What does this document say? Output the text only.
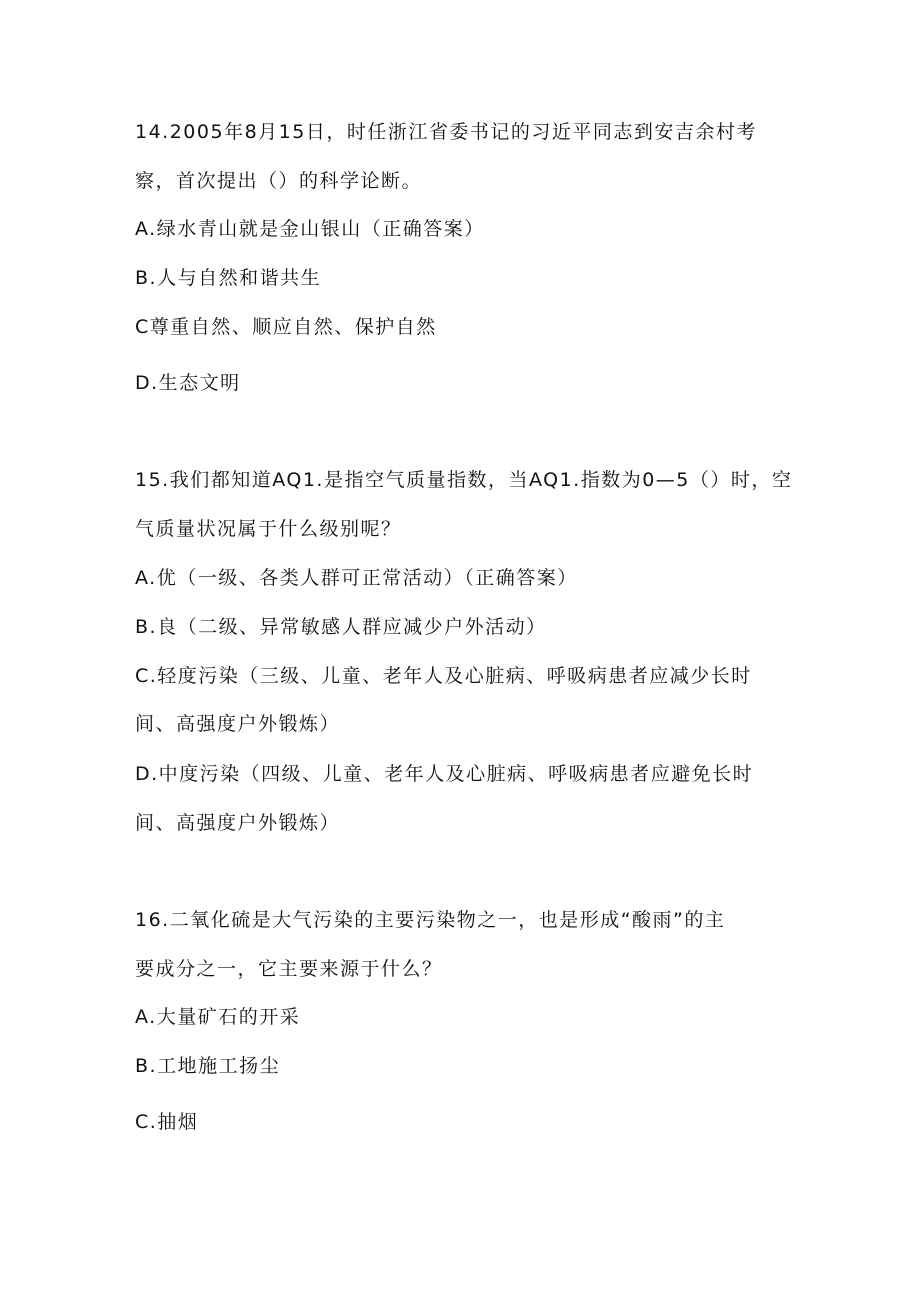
14.2005年8月15日，时任浙江省委书记的习近平同志到安吉余村考
察，首次提出（）的科学论断。
A.绿水青山就是金山银山（正确答案）
B.人与自然和谐共生
C尊重自然、顺应自然、保护自然
D.生态文明
15.我们都知道AQ1.是指空气质量指数，当AQ1.指数为0—5（）时，空
气质量状况属于什么级别呢？
A.优（一级、各类人群可正常活动）（正确答案）
B.良（二级、异常敏感人群应减少户外活动）
C.轻度污染（三级、儿童、老年人及心脏病、呼吸病患者应减少长时
间、高强度户外锻炼）
D.中度污染（四级、儿童、老年人及心脏病、呼吸病患者应避免长时
间、高强度户外锻炼）
16.二氧化硫是大气污染的主要污染物之一，也是形成“酸雨”的主
要成分之一，它主要来源于什么？
A.大量矿石的开采
B.工地施工扬尘
C.抽烟
